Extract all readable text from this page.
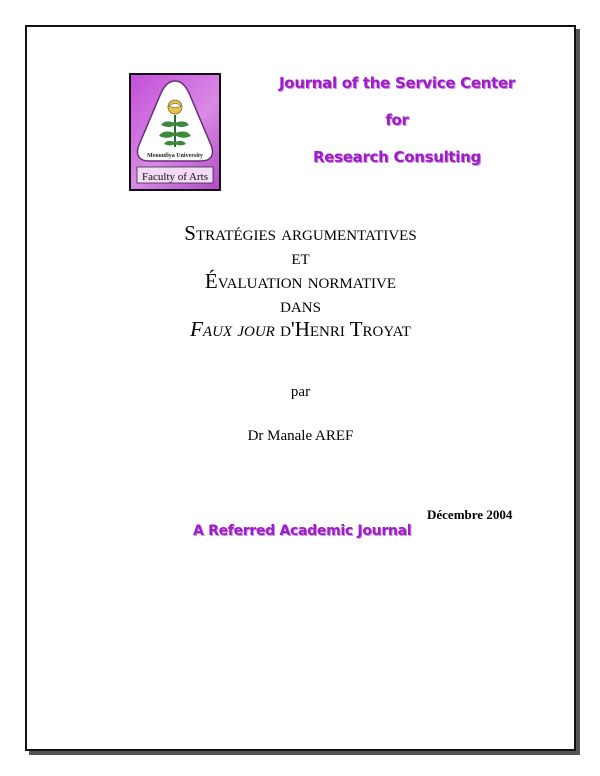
Menoufiya University
Faculty of Arts
Journal of the Service Center
for
Research Consulting
Stratégies argumentatives
et
Évaluation normative
dans
Faux jour d'Henri Troyat
par
Dr Manale AREF
Décembre 2004
A Referred Academic Journal
